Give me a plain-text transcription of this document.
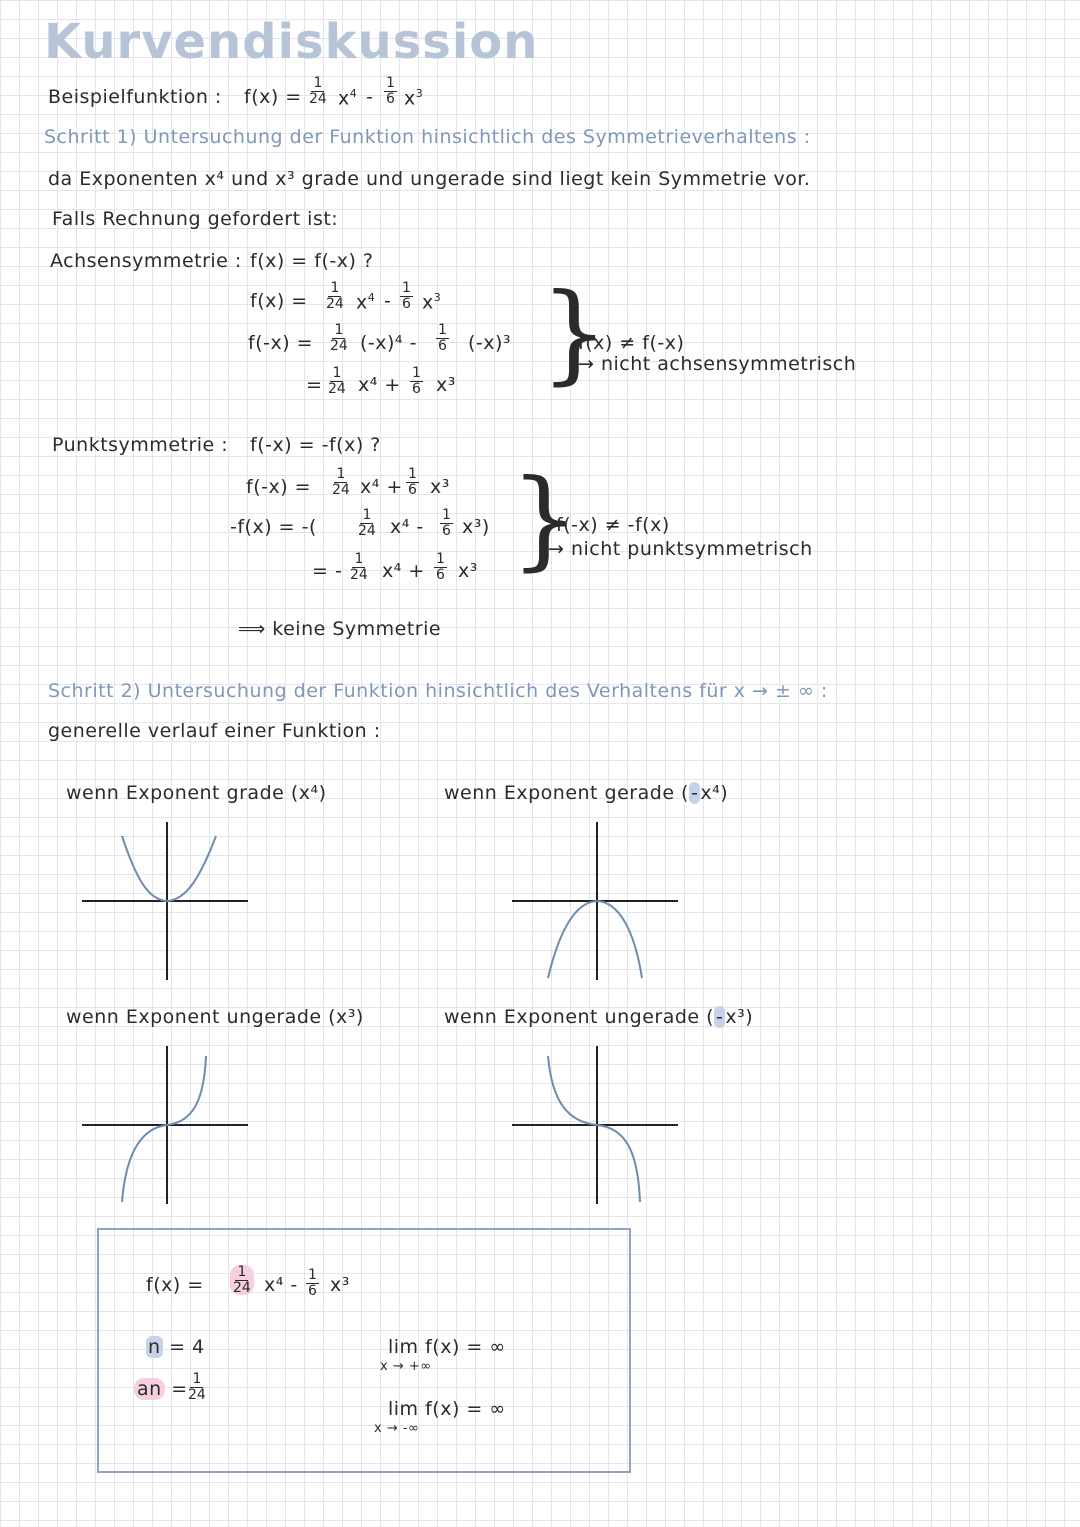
Kurvendiskussion
Beispielfunktion : $f(x) = \frac{1}{24} x^4 - \frac{1}{6} x^3$
Schritt 1) Untersuchung der Funktion hinsichtlich des Symmetrieverhaltens :
da Exponenten x⁴ und x³ grade und ungerade sind liegt kein Symmetrie vor.
Falls Rechnung gefordert ist:
Achsensymmetrie : f(x) = f(-x) ?
$f(x) = \frac{1}{24} x^4 - \frac{1}{6} x^3$
$f(-x) = \frac{1}{24} (-x)^4 - \frac{1}{6} (-x)^3$
= $\frac{1}{24} x^4 + \frac{1}{6} x^3$ }
f(x) ≠ f(-x)
→ nicht achsensymmetrisch
Punktsymmetrie : f(-x) = -f(x) ?
$f(-x) = \frac{1}{24} x^4 + \frac{1}{6} x^3$
-f(x) = -(	$\frac{1}{24} x^4 - \frac{1}{6} x^3$)
= - $\frac{1}{24} x^4 + \frac{1}{6} x^3$ }
f(-x) ≠ -f(x)
→ nicht punktsymmetrisch
⟹ keine Symmetrie
Schritt 2) Untersuchung der Funktion hinsichtlich des Verhaltens für x → ± ∞ :
generelle verlauf einer Funktion :
wenn Exponent grade (x⁴)	wenn Exponent gerade ( - x⁴)
wenn Exponent ungerade (x³)	wenn Exponent ungerade ( - x³)
$f(x) = \frac{1}{24} x^4 - \frac{1}{6} x^3$
n = 4
an = $\frac{1}{24}$
lim f(x) = ∞
x → +∞
lim f(x) = ∞
x → -∞
